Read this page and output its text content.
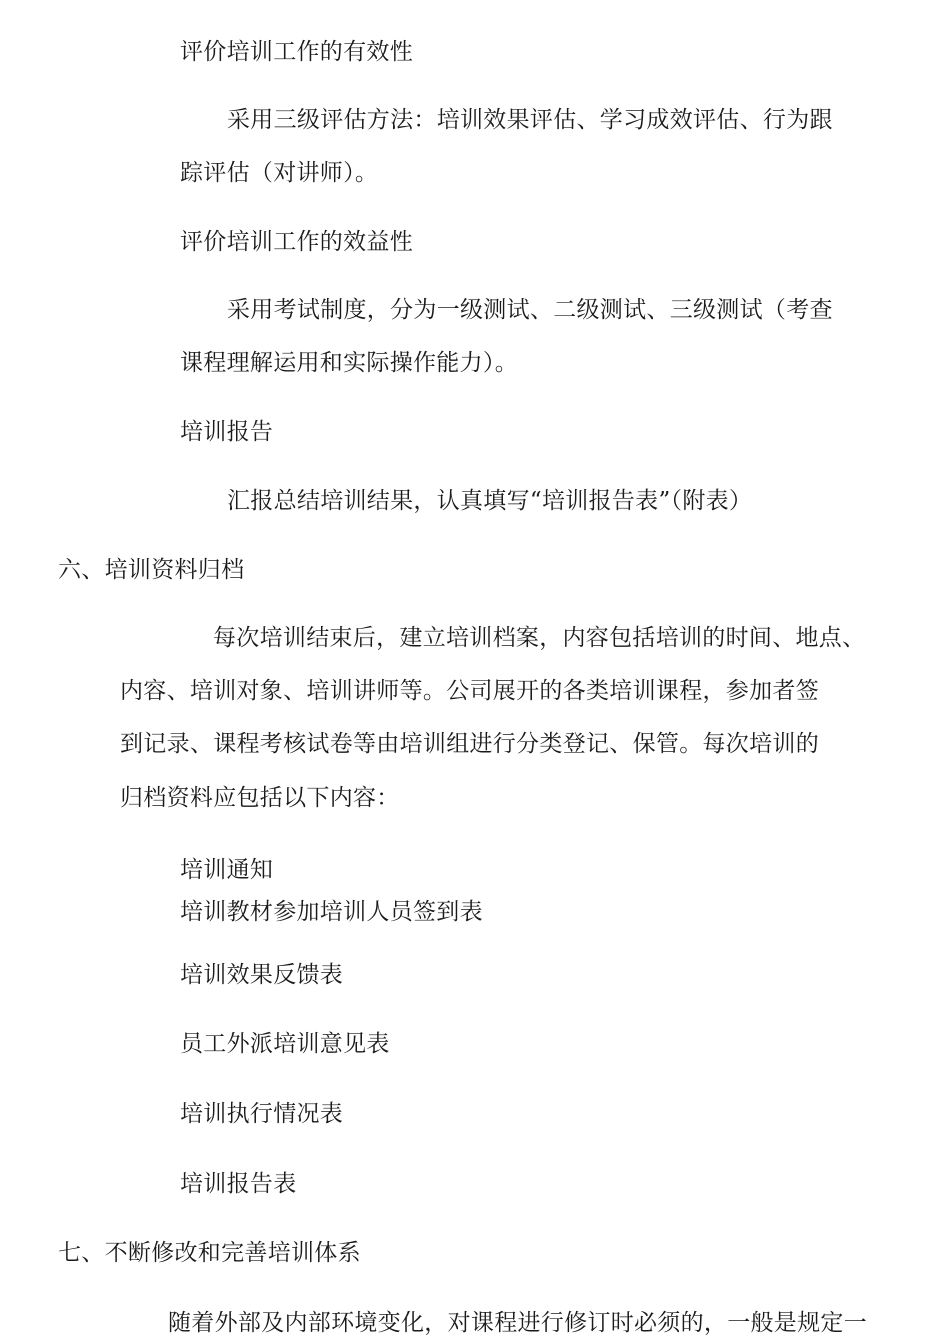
评价培训工作的有效性
采用三级评估方法：培训效果评估、学习成效评估、行为跟
踪评估（对讲师）。
评价培训工作的效益性
采用考试制度，分为一级测试、二级测试、三级测试（考查
课程理解运用和实际操作能力）。
培训报告
汇报总结培训结果，认真填写“培训报告表”（附表）
六、培训资料归档
每次培训结束后，建立培训档案，内容包括培训的时间、地点、
内容、培训对象、培训讲师等。公司展开的各类培训课程，参加者签
到记录、课程考核试卷等由培训组进行分类登记、保管。每次培训的
归档资料应包括以下内容：
培训通知
培训教材参加培训人员签到表
培训效果反馈表
员工外派培训意见表
培训执行情况表
培训报告表
七、不断修改和完善培训体系
随着外部及内部环境变化，对课程进行修订时必须的，一般是规定一
